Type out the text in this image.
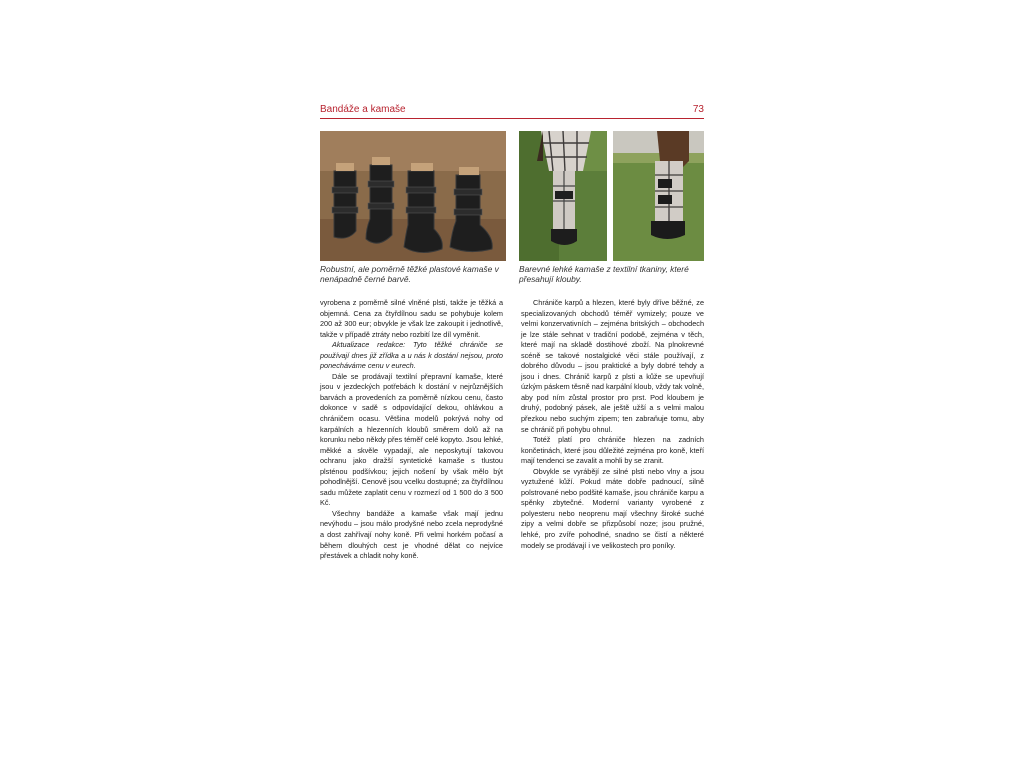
Bandáže a kamaše	73
Robustní, ale poměrně těžké plastové kamaše v nenápadně černé barvě.
Barevné lehké kamaše z textilní tkaniny, které přesahují klouby.

vyrobena z poměrně silné vlněné plsti, takže je těžká a objemná. Cena za čtyřdílnou sadu se pohybuje kolem 200 až 300 eur; obvykle je však lze zakoupit i jednotlivě, takže v případě ztráty nebo rozbití lze díl vyměnit.

Aktualizace redakce: Tyto těžké chrániče se používají dnes již zřídka a u nás k dostání nejsou, proto ponecháváme cenu v eurech.

Dále se prodávají textilní přepravní kamaše, které jsou v jezdeckých potřebách k dostání v nejrůznějších barvách a provedeních za poměrně nízkou cenu, často dokonce v sadě s odpovídající dekou, ohlávkou a chráničem ocasu. Většina modelů pokrývá nohy od karpálních a hlezenních kloubů směrem dolů až na korunku nebo někdy přes téměř celé kopyto. Jsou lehké, měkké a skvěle vypadají, ale neposkytují takovou ochranu jako dražší syntetické kamaše s tlustou plsténou podšívkou; jejich nošení by však mělo být pohodlnější. Cenově jsou vcelku dostupné; za čtyřdílnou sadu můžete zaplatit cenu v rozmezí od 1 500 do 3 500 Kč.

Všechny bandáže a kamaše však mají jednu nevýhodu – jsou málo prodyšné nebo zcela neprodyšné a dost zahřívají nohy koně. Při velmi horkém počasí a během dlouhých cest je vhodné dělat co nejvíce přestávek a chladit nohy koně.

Chrániče karpů a hlezen, které byly dříve běžné, ze specializovaných obchodů téměř vymizely; pouze ve velmi konzervativních – zejména britských – obchodech je lze stále sehnat v tradiční podobě, zejména v těch, které mají na skladě dostihové zboží. Na plnokrevné scéně se takové nostalgické věci stále používají, z dobrého důvodu – jsou praktické a byly dobré tehdy a jsou i dnes. Chránič karpů z plsti a kůže se upevňují úzkým páskem těsně nad karpální kloub, vždy tak volně, aby pod ním zůstal prostor pro prst. Pod kloubem je druhý, podobný pásek, ale ještě užší a s velmi malou přezkou nebo suchým zipem; ten zabraňuje tomu, aby se chránič při pohybu ohnul.

Totéž platí pro chrániče hlezen na zadních končetinách, které jsou důležité zejména pro koně, kteří mají tendenci se zavalit a mohli by se zranit.

Obvykle se vyrábějí ze silné plsti nebo vlny a jsou vyztužené kůží. Pokud máte dobře padnoucí, silně polstrované nebo podšité kamaše, jsou chrániče karpu a spěnky zbytečné. Moderní varianty vyrobené z polyesteru nebo neoprenu mají všechny široké suché zipy a velmi dobře se přizpůsobí noze; jsou pružné, lehké, pro zvíře pohodlné, snadno se čistí a některé modely se prodávají i ve velikostech pro poníky.
